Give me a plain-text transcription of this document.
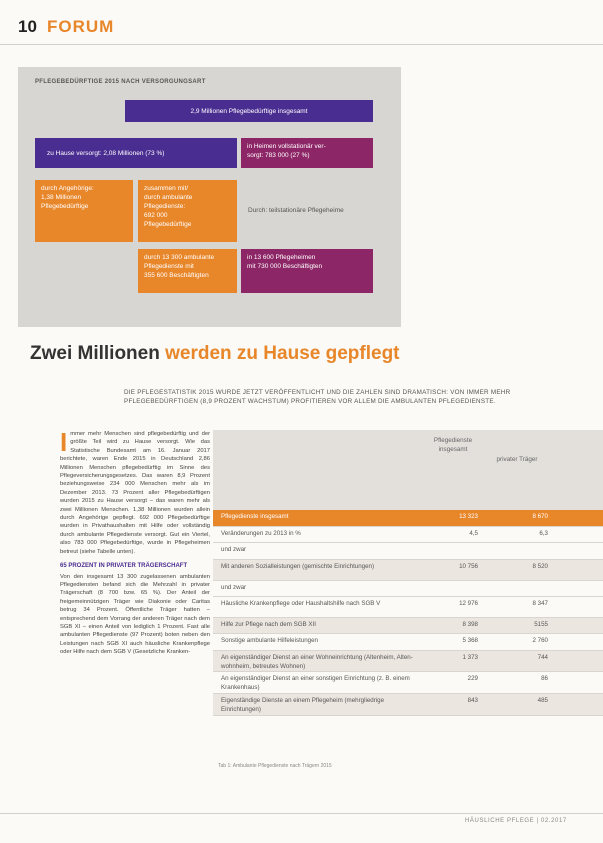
10 FORUM
PFLEGEBEDÜRFTIGE 2015 NACH VERSORGUNGSART
2,9 Millionen Pflegebedürftige insgesamt
zu Hause versorgt: 2,08 Millionen (73 %)
in Heimen vollstationär ver-
sorgt: 783 000 (27 %)
durch Angehörige:
1,38 Millionen
Pflegebedürftige
zusammen mit/
durch ambulante
Pflegedienste:
692 000
Pflegebedürftige
Durch: teilstationäre Pflegeheime
durch 13 300 ambulante
Pflegedienste mit
355 600 Beschäftigten
in 13 600 Pflegeheimen
mit 730 000 Beschäftigten
Zwei Millionen werden zu Hause gepflegt
DIE PFLEGESTATISTIK 2015 WURDE JETZT VERÖFFENTLICHT UND DIE ZAHLEN SIND DRAMATISCH: VON IMMER MEHR PFLEGEBEDÜRFTIGEN (8,9 PROZENT WACHSTUM) PROFITIEREN VOR ALLEM DIE AMBULANTEN PFLEGEDIENSTE.
I mmer mehr Menschen sind pflegebedürftig und der größte Teil wird zu Hause versorgt. Wie das Statistische Bundesamt am 16. Januar 2017 berichtete, waren Ende 2015 in Deutschland 2,86 Millionen Menschen pflegebedürftig im Sinne des Pflegeversicherungsgesetzes. Das waren 8,9 Prozent beziehungsweise 234 000 Menschen mehr als im Dezember 2013. 73 Prozent aller Pflegebedürftigen wurden 2015 zu Hause versorgt – das waren mehr als zwei Millionen Menschen. 1,38 Millionen wurden allein durch Angehörige gepflegt. 692 000 Pflegebedürftige wurden in Privathaushalten mit Hilfe oder vollständig durch ambulante Pflegedienste versorgt. Gut ein Viertel, also 783 000 Pflegebedürftige, wurde in Pflegeheimen betreut (siehe Tabelle unten).
65 PROZENT IN PRIVATER TRÄGERSCHAFT
Von den insgesamt 13 300 zugelassenen ambulanten Pflegediensten befand sich die Mehrzahl in privater Trägerschaft (8 700 bzw. 65 %). Der Anteil der freigemeinnützigen Träger wie Diakonie oder Caritas betrug 34 Prozent. Öffentliche Träger hatten – entsprechend dem Vorrang der anderen Träger nach dem SGB XI – einen Anteil von lediglich 1 Prozent. Fast alle ambulanten Pflegedienste (97 Prozent) boten neben den Leistungen nach SGB XI auch häusliche Krankenpflege oder Hilfe nach dem SGB V (Gesetzliche Kranken-
Pflegedienste insgesamt
privater Träger
Pflegedienste insgesamt	13 323	8 670
Veränderungen zu 2013 in %	4,5	6,3
und zwar
Mit anderen Sozialleistungen (gemischte Einrichtungen)	10 756	8 520
und zwar
Häusliche Krankenpflege oder Haushaltshilfe nach SGB V	12 976	8 347
Hilfe zur Pflege nach dem SGB XII	8 398	5155
Sonstige ambulante Hilfeleistungen	5 368	2 760
An eigenständiger Dienst an einer Wohneinrichtung (Altenheim, Alten- wohnheim, betreutes Wohnen)
1 373	744
An eigenständiger Dienst an einer sonstigen Einrichtung (z. B. einem Krankenhaus)
229	86
Eigenständige Dienste an einem Pflegeheim (mehrgliedrige Einrichtungen)
843	485
Tab 1: Ambulante Pflegedienste nach Trägern 2015
HÄUSLICHE PFLEGE | 02.2017
